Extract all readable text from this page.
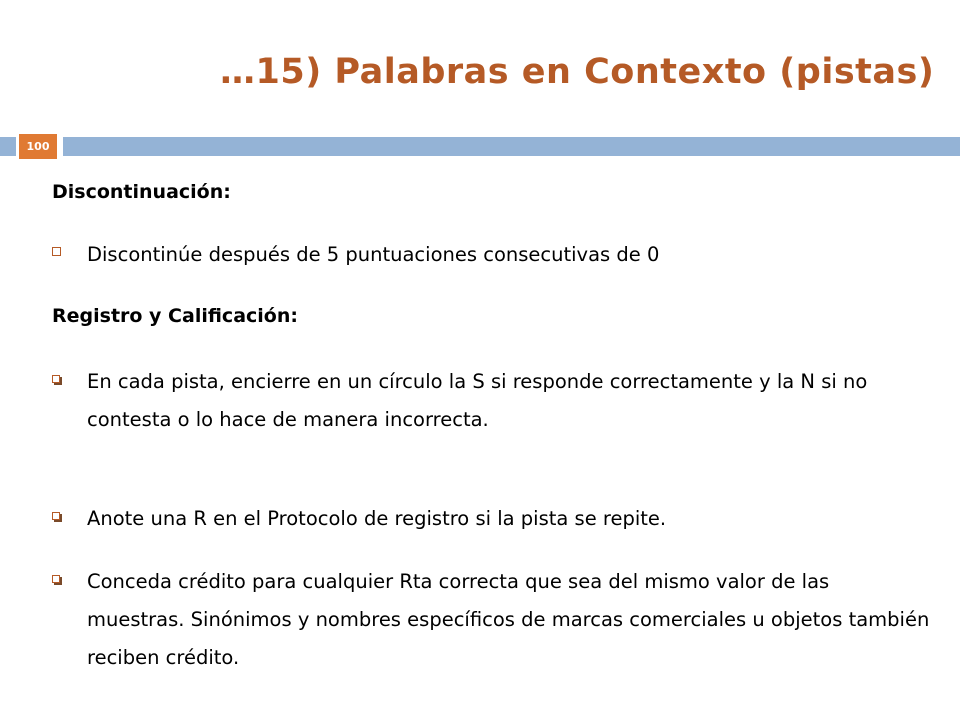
…15) Palabras en Contexto (pistas)
100
Discontinuación:
Discontinúe después de 5 puntuaciones consecutivas de 0
Registro y Calificación:
En cada pista, encierre en un círculo la S si responde correctamente y la N si no contesta o lo hace de manera incorrecta.
Anote una R en el Protocolo de registro si la pista se repite.
Conceda crédito para cualquier Rta correcta que sea del mismo valor de las muestras. Sinónimos y nombres específicos de marcas comerciales u objetos también reciben crédito.
